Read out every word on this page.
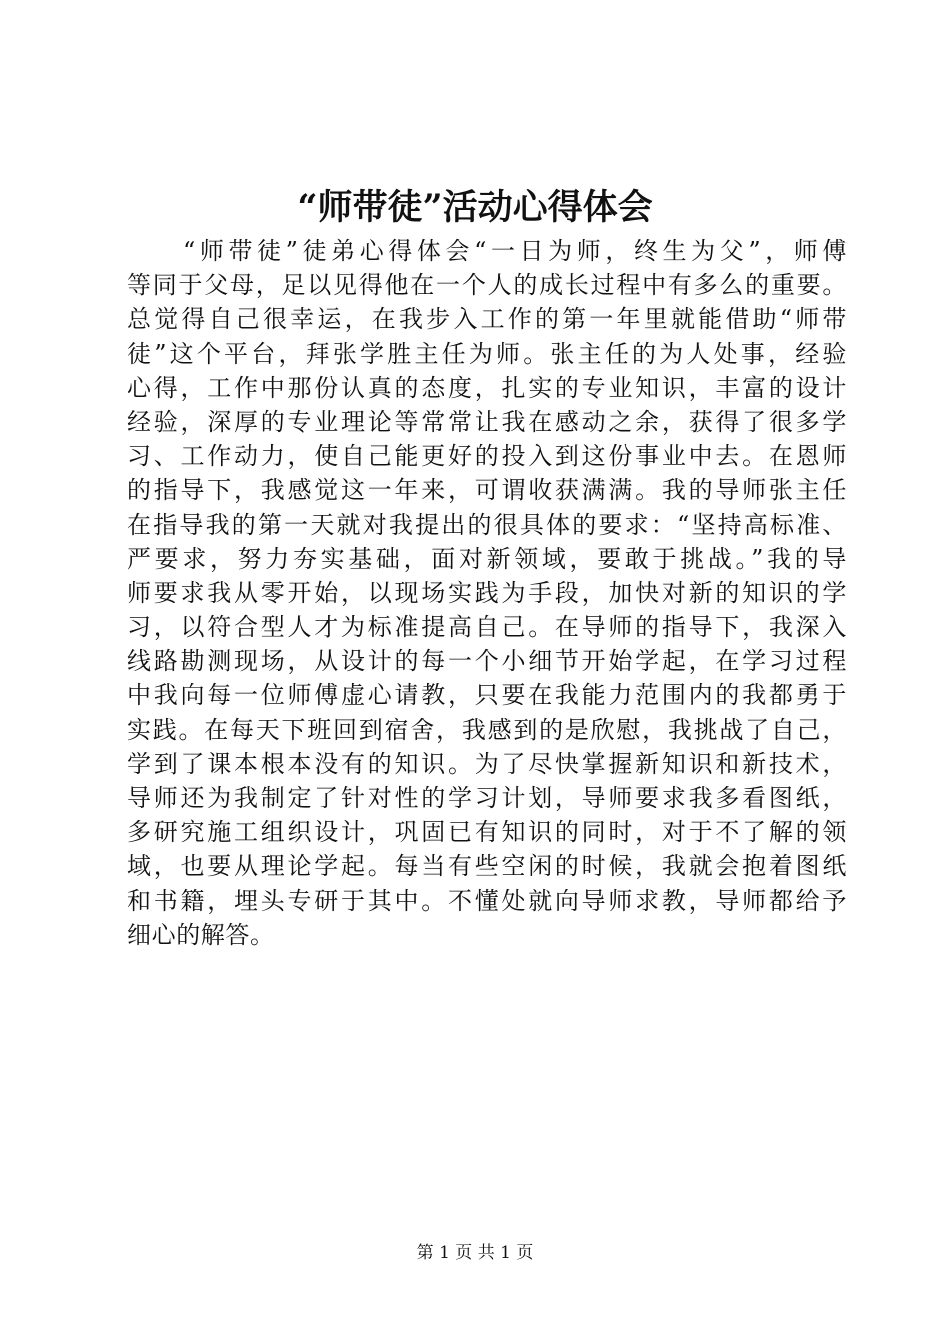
“师带徒”活动心得体会
“师带徒”徒弟心得体会“一日为师，终生为父”，师傅
等同于父母，足以见得他在一个人的成长过程中有多么的重要。
总觉得自己很幸运，在我步入工作的第一年里就能借助“师带
徒”这个平台，拜张学胜主任为师。张主任的为人处事，经验
心得，工作中那份认真的态度，扎实的专业知识，丰富的设计
经验，深厚的专业理论等常常让我在感动之余，获得了很多学
习、工作动力，使自己能更好的投入到这份事业中去。在恩师
的指导下，我感觉这一年来，可谓收获满满。我的导师张主任
在指导我的第一天就对我提出的很具体的要求：“坚持高标准、
严要求，努力夯实基础，面对新领域，要敢于挑战。”我的导
师要求我从零开始，以现场实践为手段，加快对新的知识的学
习，以符合型人才为标准提高自己。在导师的指导下，我深入
线路勘测现场，从设计的每一个小细节开始学起，在学习过程
中我向每一位师傅虚心请教，只要在我能力范围内的我都勇于
实践。在每天下班回到宿舍，我感到的是欣慰，我挑战了自己，
学到了课本根本没有的知识。为了尽快掌握新知识和新技术，
导师还为我制定了针对性的学习计划，导师要求我多看图纸，
多研究施工组织设计，巩固已有知识的同时，对于不了解的领
域，也要从理论学起。每当有些空闲的时候，我就会抱着图纸
和书籍，埋头专研于其中。不懂处就向导师求教，导师都给予
细心的解答。
第 1 页 共 1 页
